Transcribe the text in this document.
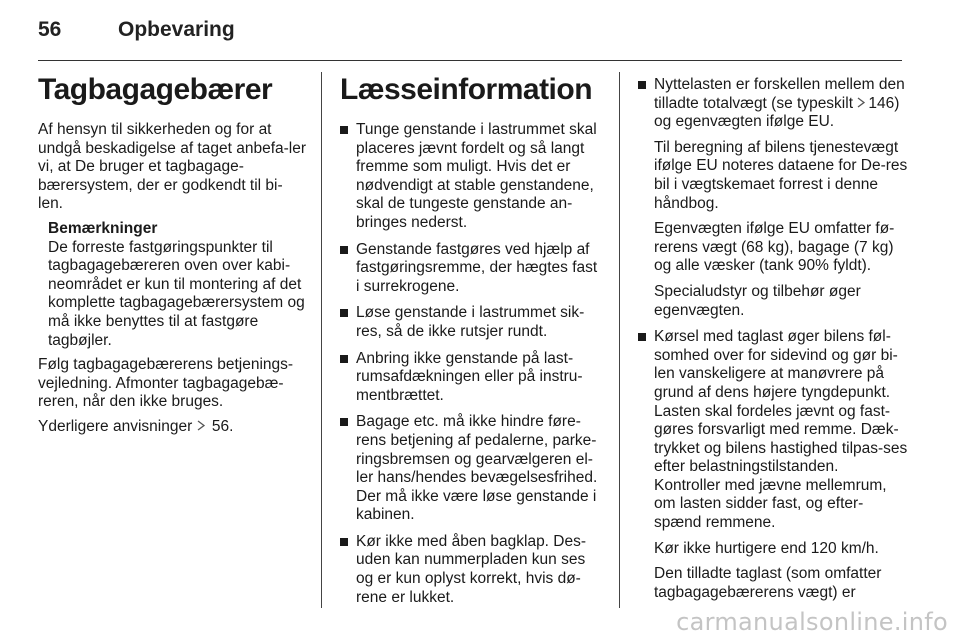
56	Opbevaring
Tagbagagebærer

Af hensyn til sikkerheden og for at undgå beskadigelse af taget anbefa-ler vi, at De bruger et tagbagage-bærersystem, der er godkendt til bi-len.

Bemærkninger
De forreste fastgøringspunkter til tagbagagebæreren oven over kabi-neområdet er kun til montering af det komplette tagbagagebærersystem og må ikke benyttes til at fastgøre tagbøjler.

Følg tagbagagebærerens betjenings-vejledning. Afmonter tagbagagebæ-reren, når den ikke bruges.

Yderligere anvisninger 56.

Læsseinformation
Tunge genstande i lastrummet skal placeres jævnt fordelt og så langt fremme som muligt. Hvis det er nødvendigt at stable genstandene, skal de tungeste genstande an-bringes nederst.
Genstande fastgøres ved hjælp af fastgøringsremme, der hægtes fast i surrekrogene.
Løse genstande i lastrummet sik-res, så de ikke rutsjer rundt.
Anbring ikke genstande på last-rumsafdækningen eller på instru-mentbrættet.
Bagage etc. må ikke hindre føre-rens betjening af pedalerne, parke-ringsbremsen og gearvælgeren el-ler hans/hendes bevægelsesfrihed. Der må ikke være løse genstande i kabinen.
Kør ikke med åben bagklap. Des-uden kan nummerpladen kun ses og er kun oplyst korrekt, hvis dø-rene er lukket.
Nyttelasten er forskellen mellem den tilladte totalvægt (se typeskilt 146) og egenvægten ifølge EU.
Til beregning af bilens tjenestevægt ifølge EU noteres dataene for De-res bil i vægtskemaet forrest i denne håndbog.
Egenvægten ifølge EU omfatter fø-rerens vægt (68 kg), bagage (7 kg) og alle væsker (tank 90% fyldt).
Specialudstyr og tilbehør øger egenvægten.
Kørsel med taglast øger bilens føl-somhed over for sidevind og gør bi-len vanskeligere at manøvrere på grund af dens højere tyngdepunkt. Lasten skal fordeles jævnt og fast-gøres forsvarligt med remme. Dæk-trykket og bilens hastighed tilpas-ses efter belastningstilstanden. Kontroller med jævne mellemrum, om lasten sidder fast, og efter-spænd remmene.
Kør ikke hurtigere end 120 km/h.
Den tilladte taglast (som omfatter tagbagagebærerens vægt) er
carmanualsonline.info
